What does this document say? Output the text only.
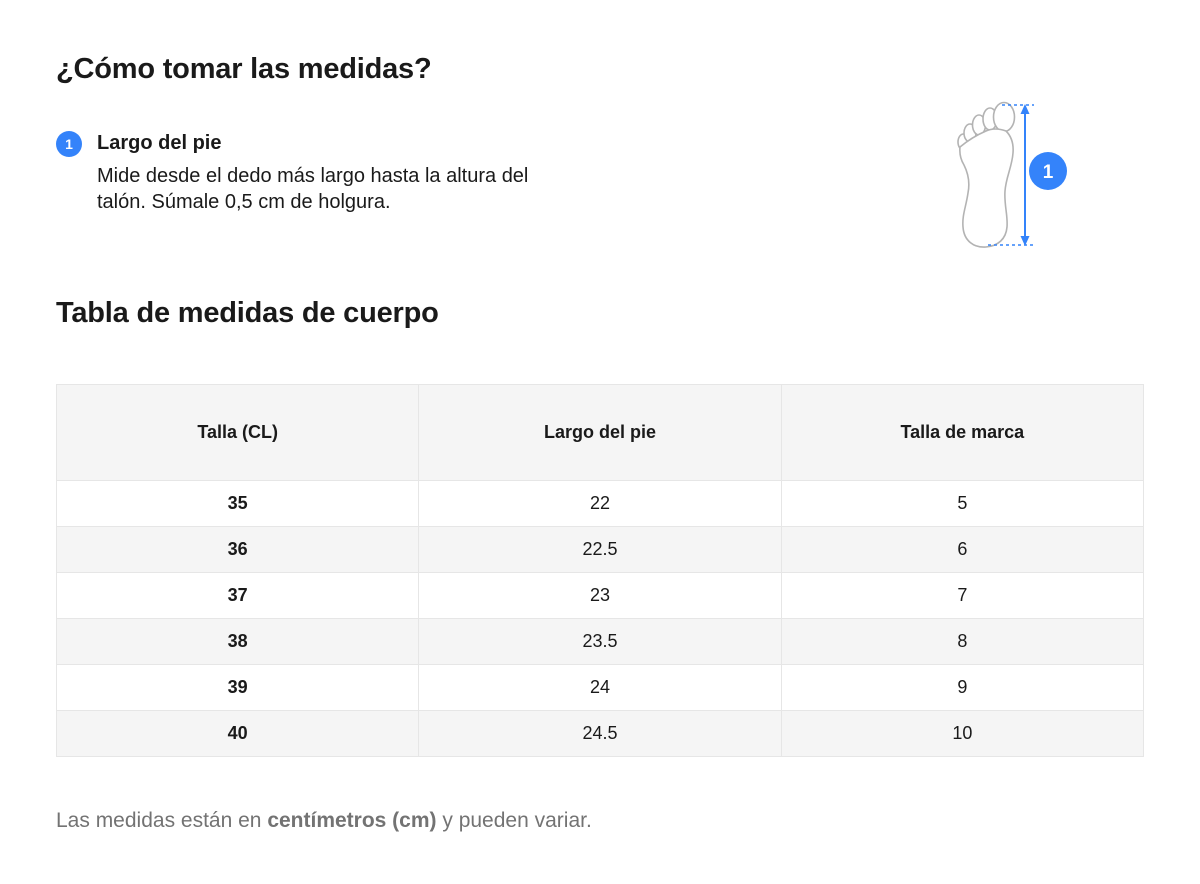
¿Cómo tomar las medidas?
1 Largo del pie
Mide desde el dedo más largo hasta la altura del talón. Súmale 0,5 cm de holgura.
1
Tabla de medidas de cuerpo
Talla (CL)	Largo del pie	Talla de marca
35	22	5
36	22.5	6
37	23	7
38	23.5	8
39	24	9
40	24.5	10

Las medidas están en centímetros (cm) y pueden variar.
